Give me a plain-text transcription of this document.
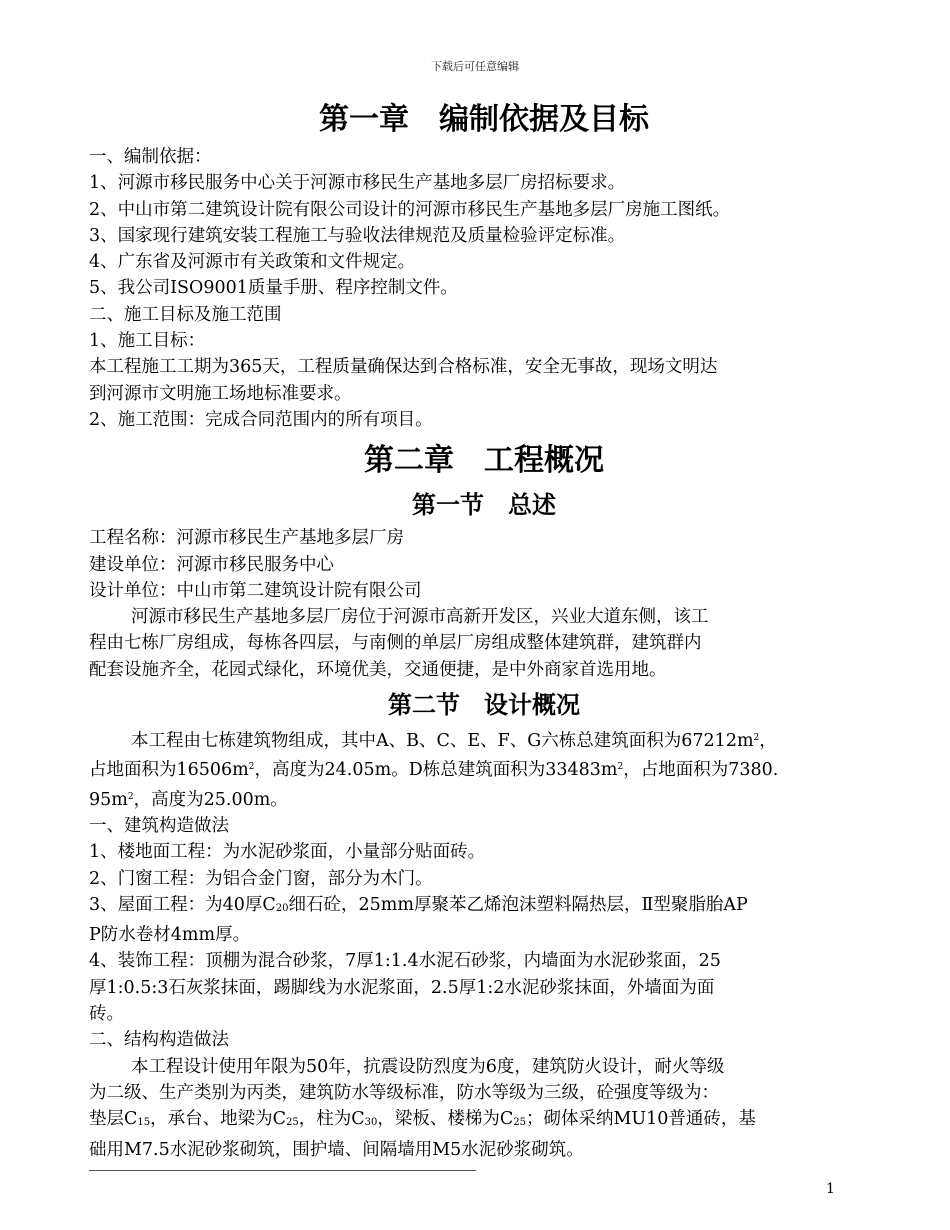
下载后可任意编辑
第一章　编制依据及目标
一、编制依据：
1、河源市移民服务中心关于河源市移民生产基地多层厂房招标要求。
2、中山市第二建筑设计院有限公司设计的河源市移民生产基地多层厂房施工图纸。
3、国家现行建筑安装工程施工与验收法律规范及质量检验评定标准。
4、广东省及河源市有关政策和文件规定。
5、我公司ISO9001质量手册、程序控制文件。
二、施工目标及施工范围
1、施工目标：
本工程施工工期为365天，工程质量确保达到合格标准，安全无事故，现场文明达
到河源市文明施工场地标准要求。
2、施工范围：完成合同范围内的所有项目。
第二章　工程概况
第一节　总述
工程名称：河源市移民生产基地多层厂房
建设单位：河源市移民服务中心
设计单位：中山市第二建筑设计院有限公司
河源市移民生产基地多层厂房位于河源市高新开发区，兴业大道东侧，该工
程由七栋厂房组成，每栋各四层，与南侧的单层厂房组成整体建筑群，建筑群内
配套设施齐全，花园式绿化，环境优美，交通便捷，是中外商家首选用地。
第二节　设计概况
本工程由七栋建筑物组成，其中A、B、C、E、F、G六栋总建筑面积为$67212m^2$，
占地面积为$16506m^2$，高度为24.05m。D栋总建筑面积为$33483m^2$，占地面积为7380.
$95m^2$，高度为25.00m。
一、建筑构造做法
1、楼地面工程：为水泥砂浆面，小量部分贴面砖。
2、门窗工程：为铝合金门窗，部分为木门。
3、屋面工程：为40厚$C_{20}$细石砼，25mm厚聚苯乙烯泡沫塑料隔热层，Ⅱ型聚脂胎AP
P防水卷材4mm厚。
4、装饰工程：顶棚为混合砂浆，7厚1:1.4水泥石砂浆，内墙面为水泥砂浆面，25
厚1:0.5:3石灰浆抹面，踢脚线为水泥浆面，2.5厚1:2水泥砂浆抹面，外墙面为面
砖。
二、结构构造做法
本工程设计使用年限为50年，抗震设防烈度为6度，建筑防火设计，耐火等级
为二级、生产类别为丙类，建筑防水等级标准，防水等级为三级，砼强度等级为：
垫层$C_{15}$，承台、地梁为$C_{25}$，柱为$C_{30}$，梁板、楼梯为$C_{25}$；砌体采纳MU10普通砖，基
础用M7.5水泥砂浆砌筑，围护墙、间隔墙用M5水泥砂浆砌筑。
1
